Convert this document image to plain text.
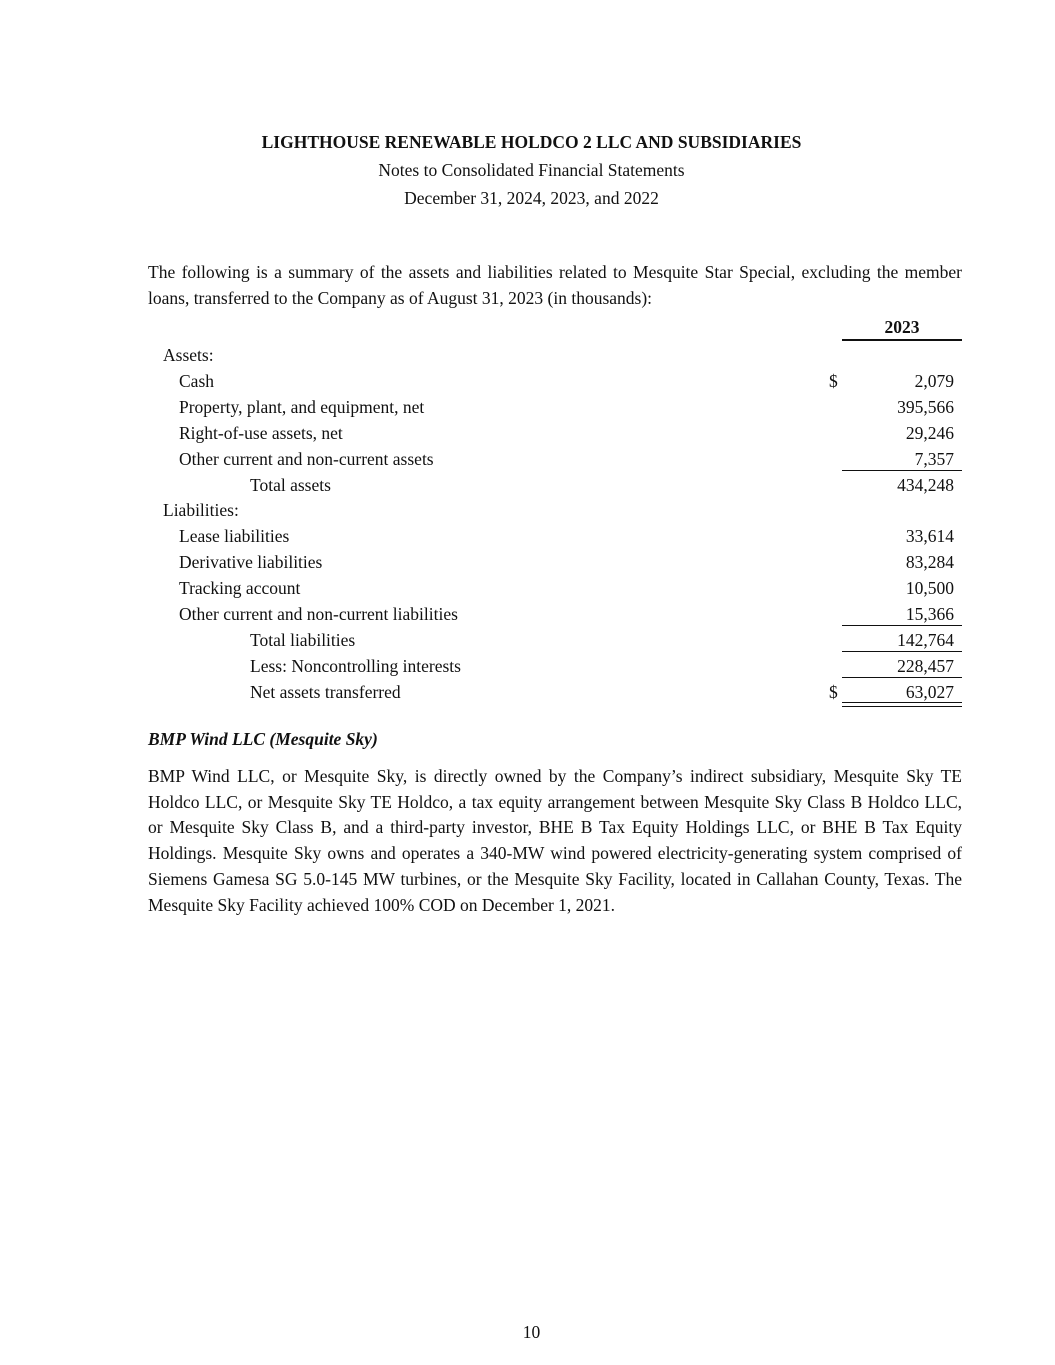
LIGHTHOUSE RENEWABLE HOLDCO 2 LLC AND SUBSIDIARIES
Notes to Consolidated Financial Statements
December 31, 2024, 2023, and 2022

The following is a summary of the assets and liabilities related to Mesquite Star Special, excluding the member loans, transferred to the Company as of August 31, 2023 (in thousands):

2023
Assets:
Cash	$	2,079
Property, plant, and equipment, net	395,566
Right-of-use assets, net	29,246
Other current and non-current assets	7,357
Total assets	434,248
Liabilities:
Lease liabilities	33,614
Derivative liabilities	83,284
Tracking account	10,500
Other current and non-current liabilities	15,366
Total liabilities	142,764
Less: Noncontrolling interests	228,457
Net assets transferred	$	63,027
BMP Wind LLC (Mesquite Sky)

BMP Wind LLC, or Mesquite Sky, is directly owned by the Company’s indirect subsidiary, Mesquite Sky TE Holdco LLC, or Mesquite Sky TE Holdco, a tax equity arrangement between Mesquite Sky Class B Holdco LLC, or Mesquite Sky Class B, and a third-party investor, BHE B Tax Equity Holdings LLC, or BHE B Tax Equity Holdings. Mesquite Sky owns and operates a 340-MW wind powered electricity-generating system comprised of Siemens Gamesa SG 5.0-145 MW turbines, or the Mesquite Sky Facility, located in Callahan County, Texas. The Mesquite Sky Facility achieved 100% COD on December 1, 2021.

10
